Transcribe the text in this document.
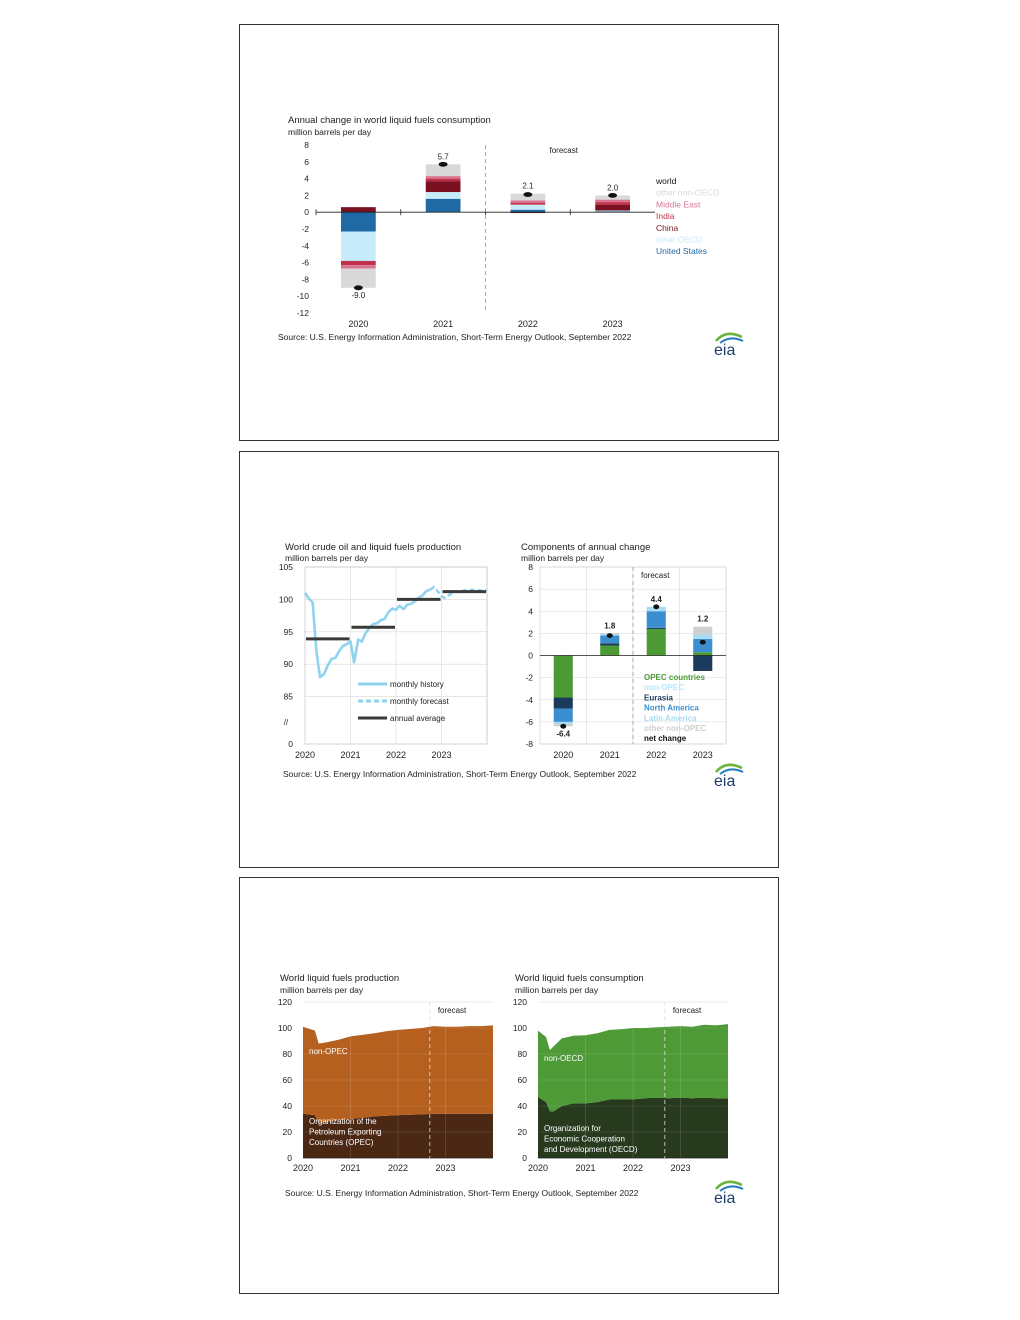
Annual change in world liquid fuels consumption
million barrels per day
-9.0
5.7
2.1	2.0
8
6
4
2
0
-2
-4
-6
-8
-10
-12
2020	2021	2022	2023
forecast
world
other non-OECD
Middle East
India
China
other OECD
United States
Source: U.S. Energy Information Administration, Short-Term Energy Outlook, September 2022
eia
World crude oil and liquid fuels production
million barrels per day
105
100
95
90
85
0
//
2020	2021	2022	2023
monthly history
monthly forecast
annual average
Components of annual change
million barrels per day
-6.4
1.8
4.4
1.2
8
6
4
2
0
-2
-4
-6
-8
2020	2021	2022	2023
forecast
OPEC countries
non-OPEC
Eurasia
North America
Latin America
other non-OPEC
net change
Source: U.S. Energy Information Administration, Short-Term Energy Outlook, September 2022	eia
World liquid fuels production
million barrels per day
120
100
80
60
40
20
0
2020	2021	2022	2023
forecast
Organization of the
Petroleum Exporting
Countries (OPEC)
non-OPEC
World liquid fuels consumption
million barrels per day
120
100
80
60
40
20
0
2020	2021	2022	2023
forecast
Organization for
Economic Cooperation
and Development (OECD)
non-OECD
Source: U.S. Energy Information Administration, Short-Term Energy Outlook, September 2022	eia
